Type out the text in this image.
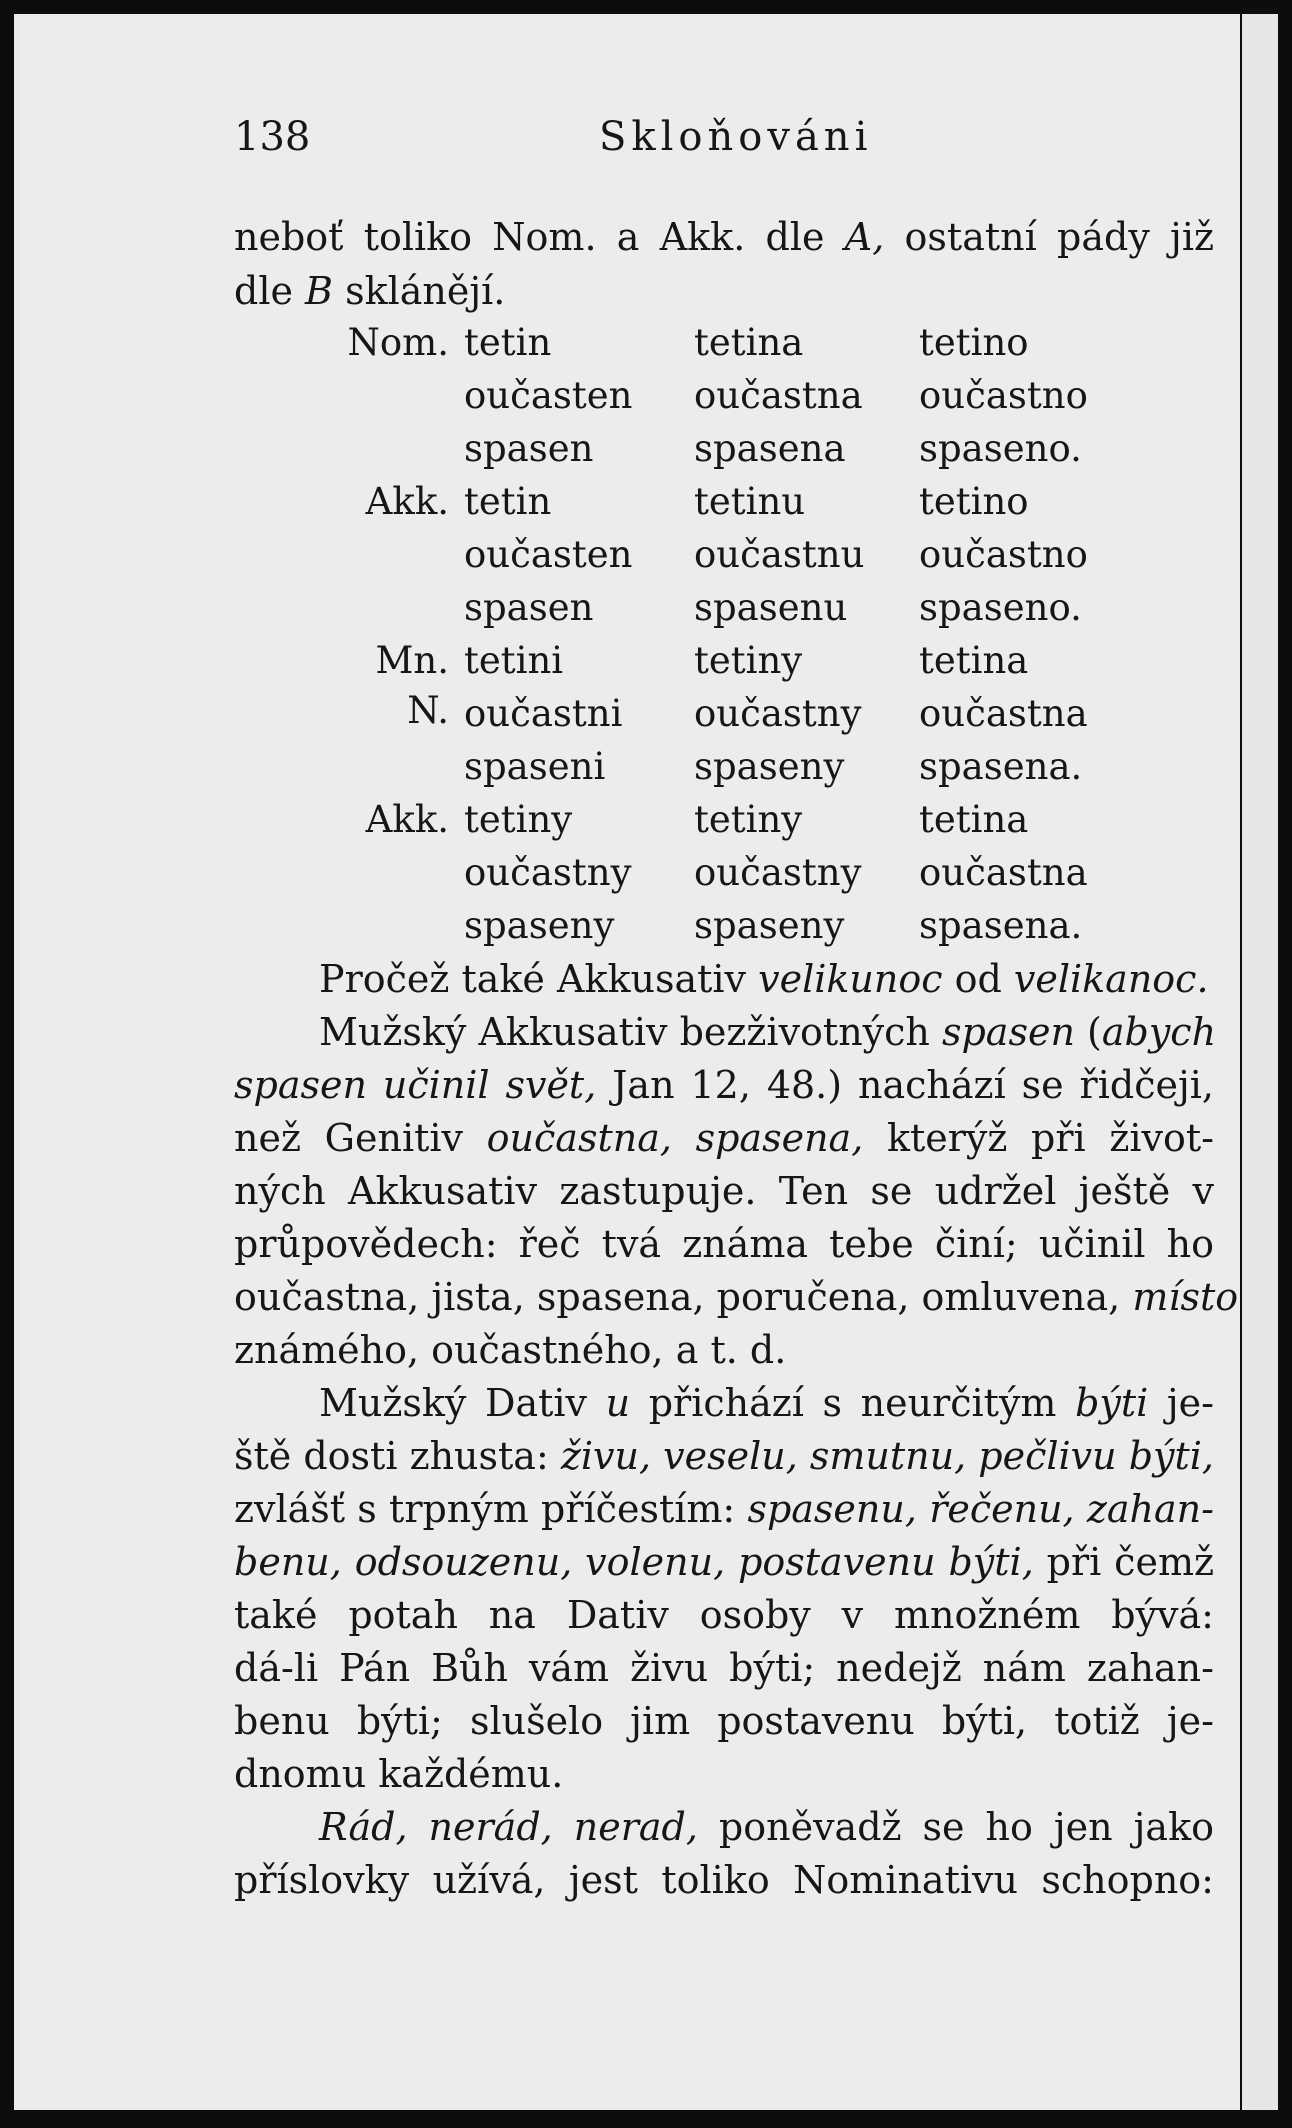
138	Skloňováni
neboť toliko Nom. a Akk. dle A, ostatní pády již
dle B sklánějí.
Nom. tetin	tetina	tetino
oučasten oučastna oučastno
spasen	spasena spaseno.
Akk. tetin	tetinu	tetino
oučasten oučastnu oučastno
spasen	spasenu spaseno.
Mn. N.
tetini	tetiny	tetina
oučastni oučastny oučastna
spaseni spaseny spasena.
Akk. tetiny	tetiny	tetina
oučastny oučastny oučastna
spaseny spaseny spasena.
Pročež také Akkusativ velikunoc od velikanoc.
Mužský Akkusativ bezživotných spasen (abych
spasen učinil svět, Jan 12, 48.) nachází se řidčeji,
než Genitiv oučastna, spasena, kterýž při život-
ných Akkusativ zastupuje. Ten se udržel ještě v
průpovědech: řeč tvá známa tebe činí; učinil ho
oučastna, jista, spasena, poručena, omluvena, místo
známého, oučastného, a t. d.
Mužský Dativ u přichází s neurčitým býti je-
ště dosti zhusta: živu, veselu, smutnu, pečlivu býti,
zvlášť s trpným příčestím: spasenu, řečenu, zahan-
benu, odsouzenu, volenu, postavenu býti, při čemž
také potah na Dativ osoby v množném bývá:
dá-li Pán Bůh vám živu býti; nedejž nám zahan-
benu býti; slušelo jim postavenu býti, totiž je-
dnomu každému.
Rád, nerád, nerad, poněvadž se ho jen jako
příslovky užívá, jest toliko Nominativu schopno:
